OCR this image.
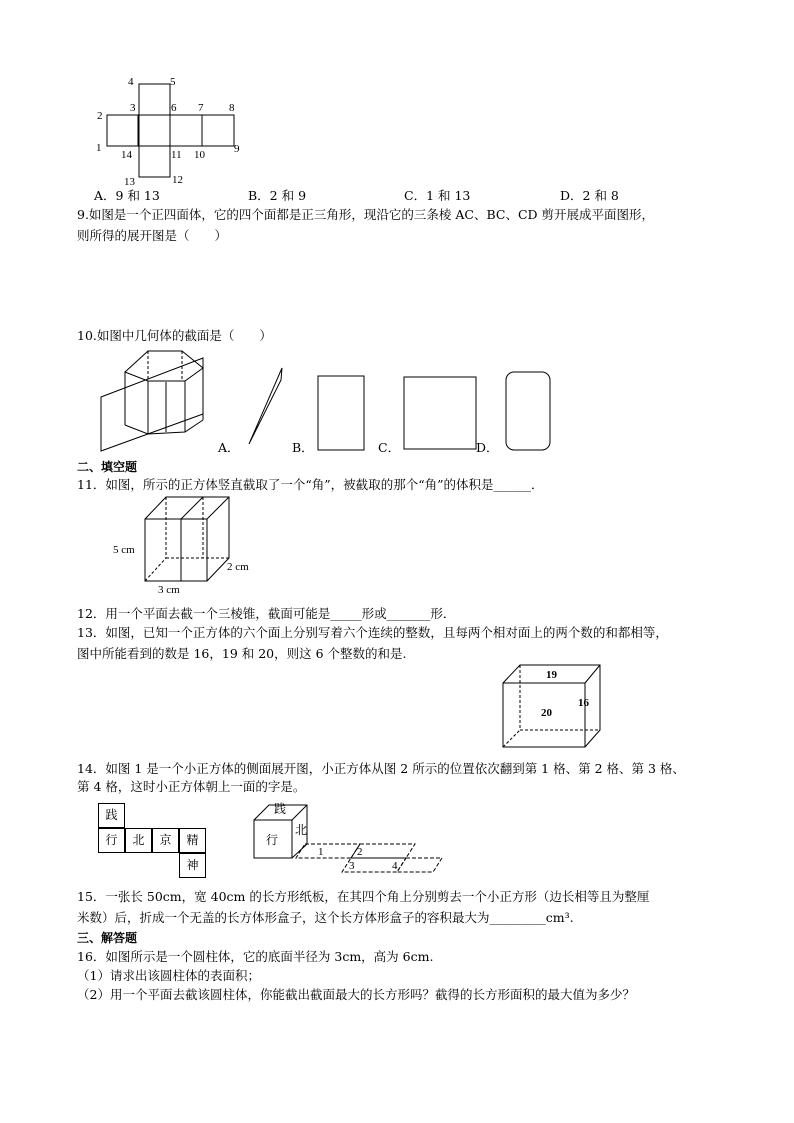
4	5
3	6 7 8
2
1
14	11 10	9
13	12
A．9 和 13	B．2 和 9	C．1 和 13	D．2 和 8
9.如图是一个正四面体，它的四个面都是正三角形，现沿它的三条棱 AC、BC、CD 剪开展成平面图形，
则所得的展开图是（　　）
10.如图中几何体的截面是（　　）
A．	B．	C．	D．
二、填空题
11．如图，所示的正方体竖直截取了一个“角”，被截取的那个“角”的体积是______．
5 cm
2 cm
3 cm
12．用一个平面去截一个三棱锥，截面可能是_____形或_______形．
13．如图，已知一个正方体的六个面上分别写着六个连续的整数，且每两个相对面上的两个数的和都相等，
图中所能看到的数是 16，19 和 20，则这 6 个整数的和是.
19
16
20
14．如图 1 是一个小正方体的侧面展开图，小正方体从图 2 所示的位置依次翻到第 1 格、第 2 格、第 3 格、
第 4 格，这时小正方体朝上一面的字是。
践
行	北	京	精
神
践
行
北
1	2
3	4
15．一张长 50cm，宽 40cm 的长方形纸板，在其四个角上分别剪去一个小正方形（边长相等且为整厘
米数）后，折成一个无盖的长方体形盒子，这个长方体形盒子的容积最大为_________cm³.
三、解答题
16．如图所示是一个圆柱体，它的底面半径为 3cm，高为 6cm.
（1）请求出该圆柱体的表面积；
（2）用一个平面去截该圆柱体，你能截出截面最大的长方形吗？截得的长方形面积的最大值为多少？
